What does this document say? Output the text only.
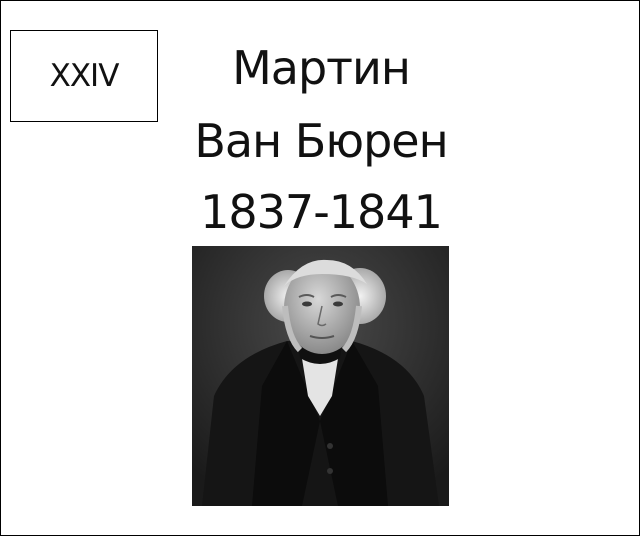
XXIV	Мартин
Ван Бюрен
1837-1841
